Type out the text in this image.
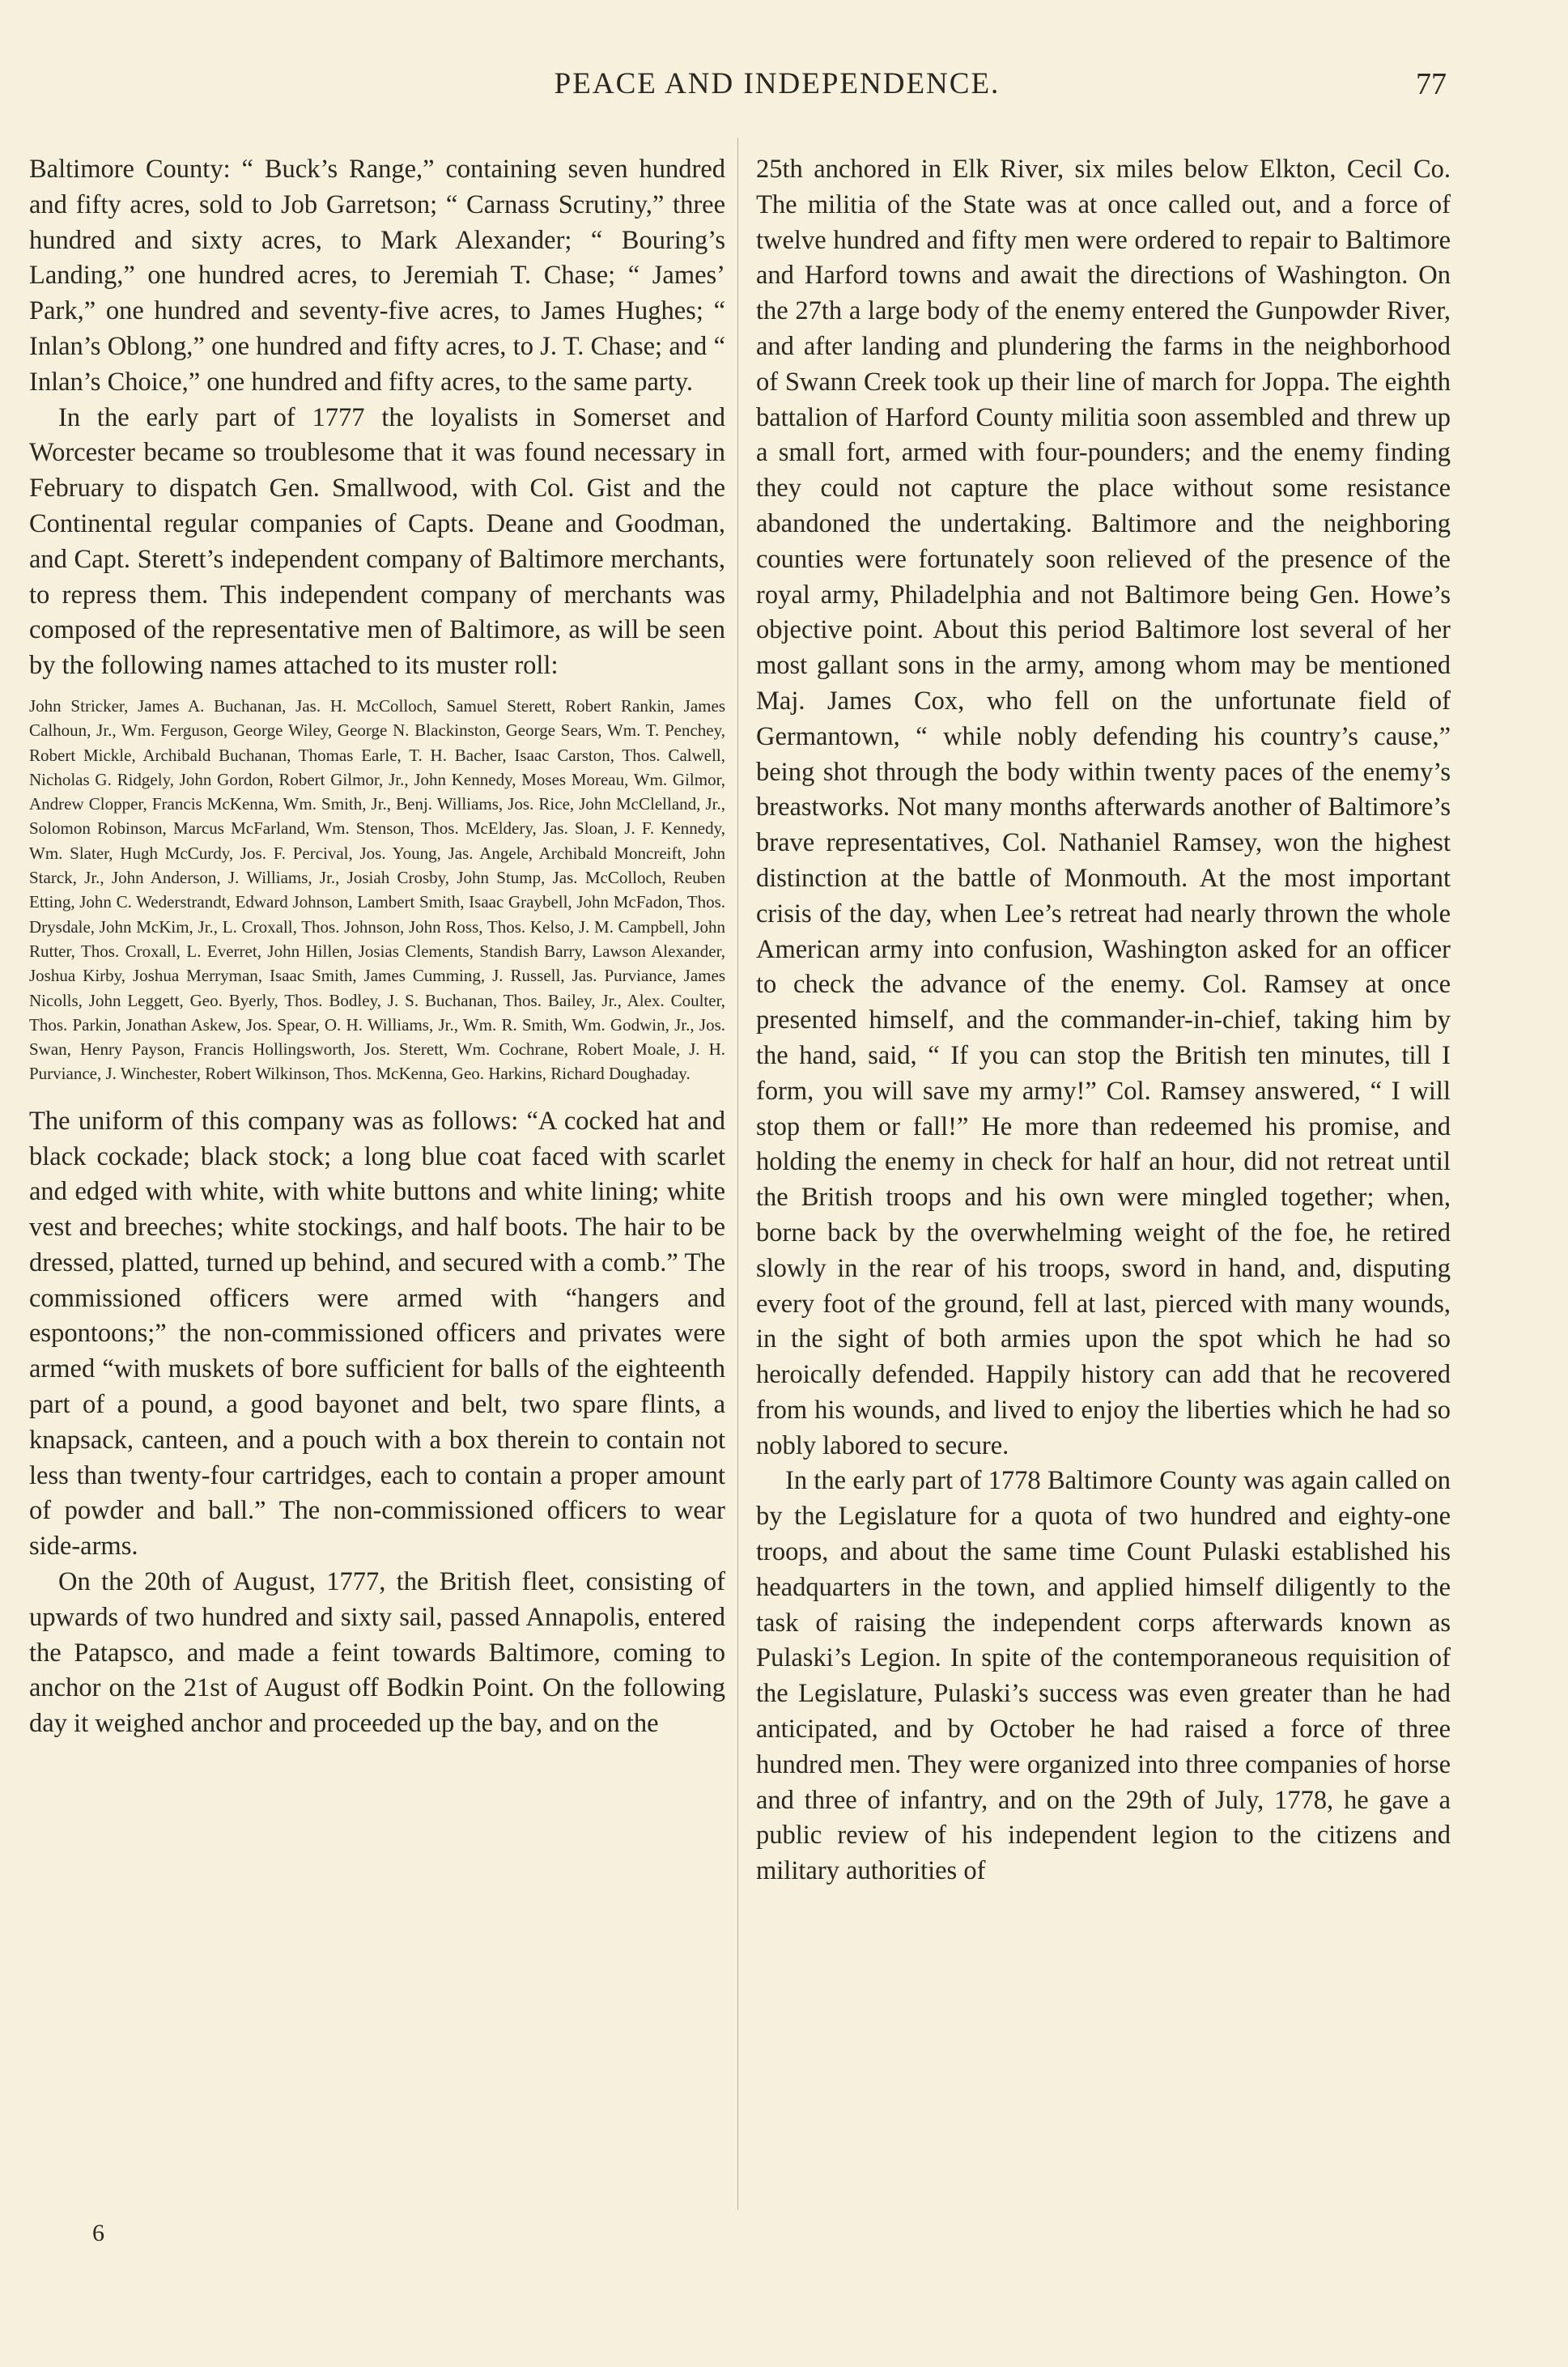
PEACE AND INDEPENDENCE.	77

Baltimore County: “ Buck’s Range,” containing seven hundred and fifty acres, sold to Job Garretson; “ Carnass Scrutiny,” three hundred and sixty acres, to Mark Alexander; “ Bouring’s Landing,” one hundred acres, to Jeremiah T. Chase; “ James’ Park,” one hundred and seventy-five acres, to James Hughes; “ Inlan’s Oblong,” one hundred and fifty acres, to J. T. Chase; and “ Inlan’s Choice,” one hundred and fifty acres, to the same party.

In the early part of 1777 the loyalists in Somerset and Worcester became so troublesome that it was found necessary in February to dispatch Gen. Smallwood, with Col. Gist and the Continental regular companies of Capts. Deane and Goodman, and Capt. Sterett’s independent company of Baltimore merchants, to repress them. This independent company of merchants was composed of the representative men of Baltimore, as will be seen by the following names attached to its muster roll:

John Stricker, James A. Buchanan, Jas. H. McColloch, Samuel Sterett, Robert Rankin, James Calhoun, Jr., Wm. Ferguson, George Wiley, George N. Blackinston, George Sears, Wm. T. Penchey, Robert Mickle, Archibald Buchanan, Thomas Earle, T. H. Bacher, Isaac Carston, Thos. Calwell, Nicholas G. Ridgely, John Gordon, Robert Gilmor, Jr., John Kennedy, Moses Moreau, Wm. Gilmor, Andrew Clopper, Francis McKenna, Wm. Smith, Jr., Benj. Williams, Jos. Rice, John McClelland, Jr., Solomon Robinson, Marcus McFarland, Wm. Stenson, Thos. McEldery, Jas. Sloan, J. F. Kennedy, Wm. Slater, Hugh McCurdy, Jos. F. Percival, Jos. Young, Jas. Angele, Archibald Moncreift, John Starck, Jr., John Anderson, J. Williams, Jr., Josiah Crosby, John Stump, Jas. McColloch, Reuben Etting, John C. Wederstrandt, Edward Johnson, Lambert Smith, Isaac Graybell, John McFadon, Thos. Drysdale, John McKim, Jr., L. Croxall, Thos. Johnson, John Ross, Thos. Kelso, J. M. Campbell, John Rutter, Thos. Croxall, L. Everret, John Hillen, Josias Clements, Standish Barry, Lawson Alexander, Joshua Kirby, Joshua Merryman, Isaac Smith, James Cumming, J. Russell, Jas. Purviance, James Nicolls, John Leggett, Geo. Byerly, Thos. Bodley, J. S. Buchanan, Thos. Bailey, Jr., Alex. Coulter, Thos. Parkin, Jonathan Askew, Jos. Spear, O. H. Williams, Jr., Wm. R. Smith, Wm. Godwin, Jr., Jos. Swan, Henry Payson, Francis Hollingsworth, Jos. Sterett, Wm. Cochrane, Robert Moale, J. H. Purviance, J. Winchester, Robert Wilkinson, Thos. McKenna, Geo. Harkins, Richard Doughaday.

The uniform of this company was as follows: “A cocked hat and black cockade; black stock; a long blue coat faced with scarlet and edged with white, with white buttons and white lining; white vest and breeches; white stockings, and half boots. The hair to be dressed, platted, turned up behind, and secured with a comb.” The commissioned officers were armed with “hangers and espontoons;” the non-commissioned officers and privates were armed “with muskets of bore sufficient for balls of the eighteenth part of a pound, a good bayonet and belt, two spare flints, a knapsack, canteen, and a pouch with a box therein to contain not less than twenty-four cartridges, each to contain a proper amount of powder and ball.” The non-commissioned officers to wear side-arms.

On the 20th of August, 1777, the British fleet, consisting of upwards of two hundred and sixty sail, passed Annapolis, entered the Patapsco, and made a feint towards Baltimore, coming to anchor on the 21st of August off Bodkin Point. On the following day it weighed anchor and proceeded up the bay, and on the

25th anchored in Elk River, six miles below Elkton, Cecil Co. The militia of the State was at once called out, and a force of twelve hundred and fifty men were ordered to repair to Baltimore and Harford towns and await the directions of Washington. On the 27th a large body of the enemy entered the Gunpowder River, and after landing and plundering the farms in the neighborhood of Swann Creek took up their line of march for Joppa. The eighth battalion of Harford County militia soon assembled and threw up a small fort, armed with four-pounders; and the enemy finding they could not capture the place without some resistance abandoned the undertaking. Baltimore and the neighboring counties were fortunately soon relieved of the presence of the royal army, Philadelphia and not Baltimore being Gen. Howe’s objective point. About this period Baltimore lost several of her most gallant sons in the army, among whom may be mentioned Maj. James Cox, who fell on the unfortunate field of Germantown, “ while nobly defending his country’s cause,” being shot through the body within twenty paces of the enemy’s breastworks. Not many months afterwards another of Baltimore’s brave representatives, Col. Nathaniel Ramsey, won the highest distinction at the battle of Monmouth. At the most important crisis of the day, when Lee’s retreat had nearly thrown the whole American army into confusion, Washington asked for an officer to check the advance of the enemy. Col. Ramsey at once presented himself, and the commander-in-chief, taking him by the hand, said, “ If you can stop the British ten minutes, till I form, you will save my army!” Col. Ramsey answered, “ I will stop them or fall!” He more than redeemed his promise, and holding the enemy in check for half an hour, did not retreat until the British troops and his own were mingled together; when, borne back by the overwhelming weight of the foe, he retired slowly in the rear of his troops, sword in hand, and, disputing every foot of the ground, fell at last, pierced with many wounds, in the sight of both armies upon the spot which he had so heroically defended. Happily history can add that he recovered from his wounds, and lived to enjoy the liberties which he had so nobly labored to secure.

In the early part of 1778 Baltimore County was again called on by the Legislature for a quota of two hundred and eighty-one troops, and about the same time Count Pulaski established his headquarters in the town, and applied himself diligently to the task of raising the independent corps afterwards known as Pulaski’s Legion. In spite of the contemporaneous requisition of the Legislature, Pulaski’s success was even greater than he had anticipated, and by October he had raised a force of three hundred men. They were organized into three companies of horse and three of infantry, and on the 29th of July, 1778, he gave a public review of his independent legion to the citizens and military authorities of

6
